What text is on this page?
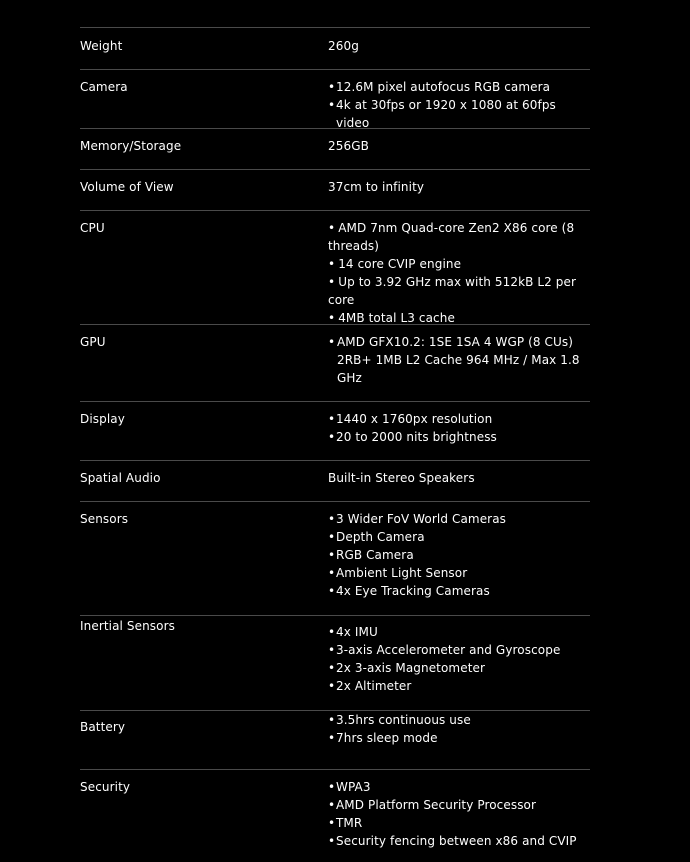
Weight	260g
Camera	• 12.6M pixel autofocus RGB camera
• 4k at 30fps or 1920 x 1080 at 60fps video
Memory/Storage	256GB
Volume of View	37cm to infinity
CPU	• AMD 7nm Quad-core Zen2 X86 core (8 threads)
• 14 core CVIP engine
• Up to 3.92 GHz max with 512kB L2 per core
• 4MB total L3 cache
GPU	• AMD GFX10.2: 1SE 1SA 4 WGP (8 CUs) 2RB+ 1MB L2 Cache 964 MHz / Max 1.8 GHz
Display	• 1440 x 1760px resolution
• 20 to 2000 nits brightness
Spatial Audio	Built-in Stereo Speakers
Sensors	• 3 Wider FoV World Cameras
• Depth Camera
• RGB Camera
• Ambient Light Sensor
• 4x Eye Tracking Cameras
Inertial Sensors	• 4x IMU
• 3-axis Accelerometer and Gyroscope
• 2x 3-axis Magnetometer
• 2x Altimeter
Battery	• 3.5hrs continuous use
• 7hrs sleep mode
Security	• WPA3
• AMD Platform Security Processor
• TMR
• Security fencing between x86 and CVIP
